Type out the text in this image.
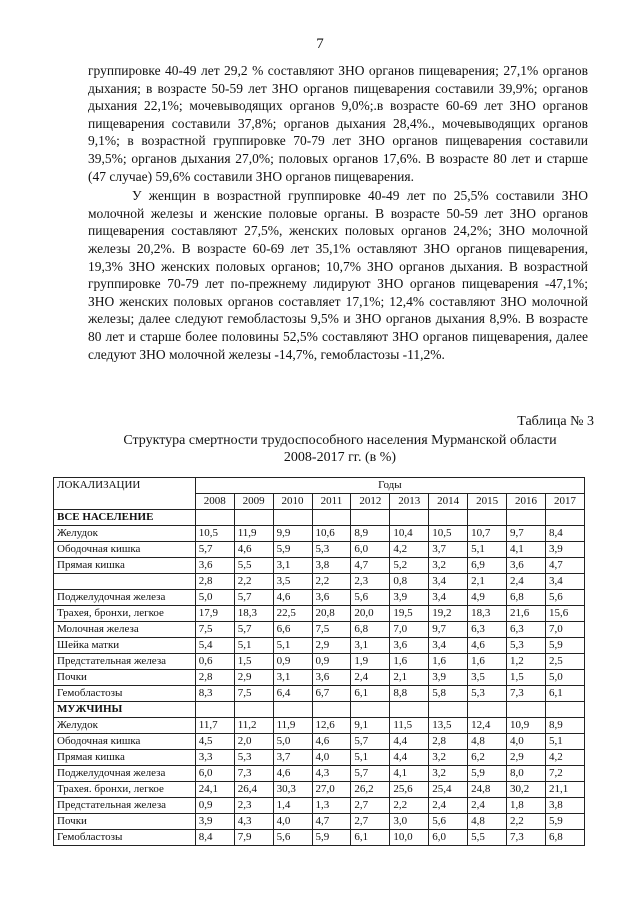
7

группировке 40-49 лет 29,2 % составляют ЗНО органов пищеварения; 27,1% органов дыхания; в возрасте 50-59 лет ЗНО органов пищеварения составили 39,9%; органов дыхания 22,1%; мочевыводящих органов 9,0%;.в возрасте 60-69 лет ЗНО органов пищеварения составили 37,8%; органов дыхания 28,4%., мочевыводящих органов 9,1%; в возрастной группировке 70-79 лет ЗНО органов пищеварения составили 39,5%; органов дыхания 27,0%; половых органов 17,6%. В возрасте 80 лет и старше (47 случае) 59,6% составили ЗНО органов пищеварения.

У женщин в возрастной группировке 40-49 лет по 25,5% составили ЗНО молочной железы и женские половые органы. В возрасте 50-59 лет ЗНО органов пищеварения составляют 27,5%, женских половых органов 24,2%; ЗНО молочной железы 20,2%. В возрасте 60-69 лет 35,1% оставляют ЗНО органов пищеварения, 19,3% ЗНО женских половых органов; 10,7% ЗНО органов дыхания. В возрастной группировке 70-79 лет по-прежнему лидируют ЗНО органов пищеварения -47,1%; ЗНО женских половых органов составляет 17,1%; 12,4% составляют ЗНО молочной железы; далее следуют гемобластозы 9,5% и ЗНО органов дыхания 8,9%. В возрасте 80 лет и старше более половины 52,5% составляют ЗНО органов пищеварения, далее следуют ЗНО молочной железы -14,7%, гемобластозы -11,2%.

Таблица № 3
Структура смертности трудоспособного населения Мурманской области
2008-2017 гг. (в %)
ЛОКАЛИЗАЦИИ	Годы									
	2008	2009	2010	2011	2012	2013	2014	2015	2016	2017
ВСЕ НАСЕЛЕНИЕ										
Желудок	10,5	11,9	9,9	10,6	8,9	10,4	10,5	10,7	9,7	8,4
Ободочная кишка	5,7	4,6	5,9	5,3	6,0	4,2	3,7	5,1	4,1	3,9
Прямая кишка	3,6	5,5	3,1	3,8	4,7	5,2	3,2	6,9	3,6	4,7
	2,8	2,2	3,5	2,2	2,3	0,8	3,4	2,1	2,4	3,4
Поджелудочная железа	5,0	5,7	4,6	3,6	5,6	3,9	3,4	4,9	6,8	5,6
Трахея, бронхи, легкое	17,9	18,3	22,5	20,8	20,0	19,5	19,2	18,3	21,6	15,6
Молочная железа	7,5	5,7	6,6	7,5	6,8	7,0	9,7	6,3	6,3	7,0
Шейка матки	5,4	5,1	5,1	2,9	3,1	3,6	3,4	4,6	5,3	5,9
Предстательная железа	0,6	1,5	0,9	0,9	1,9	1,6	1,6	1,6	1,2	2,5
Почки	2,8	2,9	3,1	3,6	2,4	2,1	3,9	3,5	1,5	5,0
Гемобластозы	8,3	7,5	6,4	6,7	6,1	8,8	5,8	5,3	7,3	6,1
МУЖЧИНЫ										
Желудок	11,7	11,2	11,9	12,6	9,1	11,5	13,5	12,4	10,9	8,9
Ободочная кишка	4,5	2,0	5,0	4,6	5,7	4,4	2,8	4,8	4,0	5,1
Прямая кишка	3,3	5,3	3,7	4,0	5,1	4,4	3,2	6,2	2,9	4,2
Поджелудочная железа	6,0	7,3	4,6	4,3	5,7	4,1	3,2	5,9	8,0	7,2
Трахея. бронхи, легкое	24,1	26,4	30,3	27,0	26,2	25,6	25,4	24,8	30,2	21,1
Предстательная железа	0,9	2,3	1,4	1,3	2,7	2,2	2,4	2,4	1,8	3,8
Почки	3,9	4,3	4,0	4,7	2,7	3,0	5,6	4,8	2,2	5,9
Гемобластозы	8,4	7,9	5,6	5,9	6,1	10,0	6,0	5,5	7,3	6,8
